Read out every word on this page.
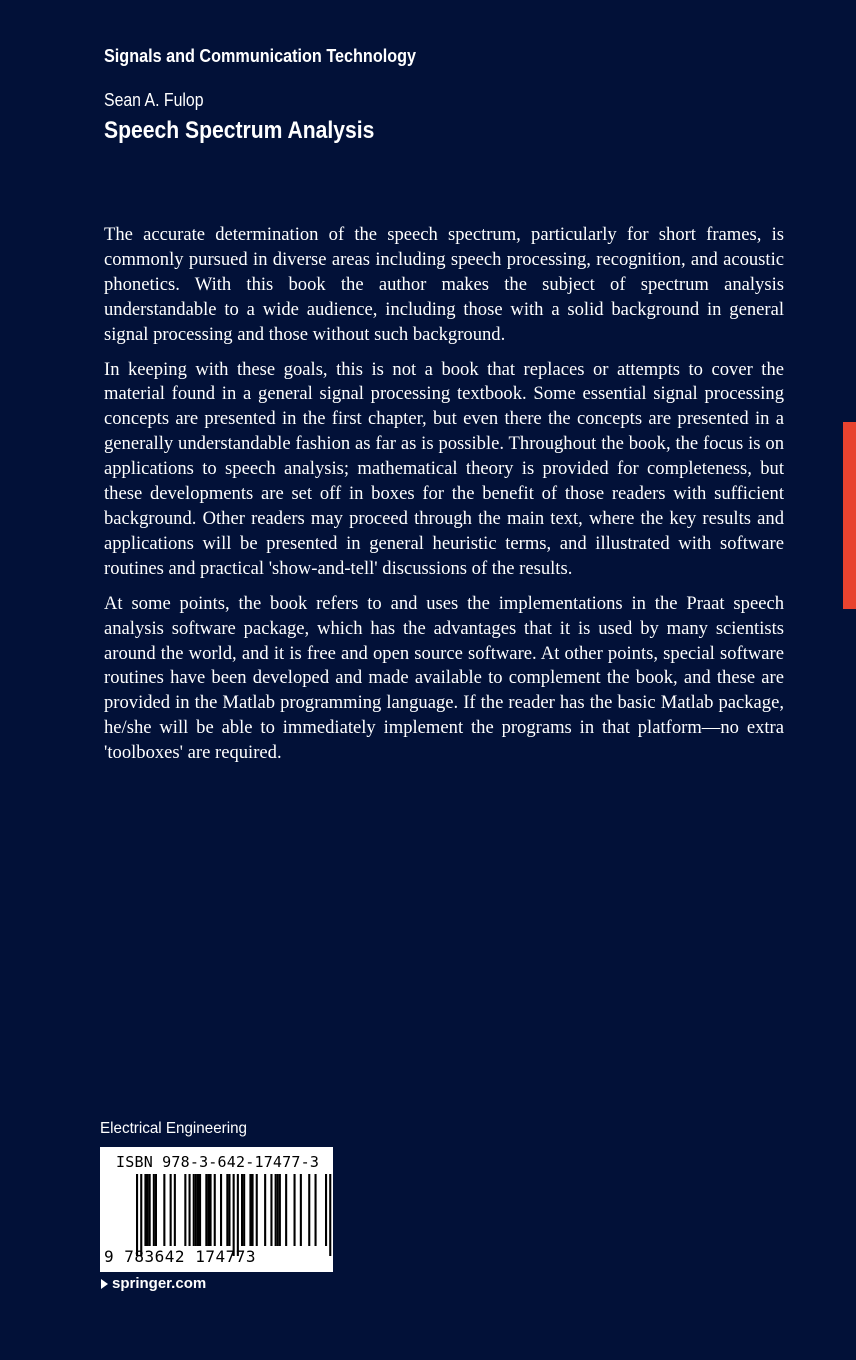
Signals and Communication Technology
Sean A. Fulop
Speech Spectrum Analysis

The accurate determination of the speech spectrum, particularly for short frames, is commonly pursued in diverse areas including speech processing, recognition, and acoustic phonetics. With this book the author makes the subject of spectrum analysis understandable to a wide audience, including those with a solid background in general signal processing and those without such background.

In keeping with these goals, this is not a book that replaces or attempts to cover the material found in a general signal processing textbook. Some essential signal processing concepts are presented in the first chapter, but even there the concepts are presented in a generally understandable fashion as far as is possible. Throughout the book, the focus is on applications to speech analysis; mathematical theory is provided for completeness, but these developments are set off in boxes for the benefit of those readers with sufficient background. Other readers may proceed through the main text, where the key results and applications will be presented in general heuristic terms, and illustrated with software routines and practical 'show-and-tell' discussions of the results.

At some points, the book refers to and uses the implementations in the Praat speech analysis software package, which has the advantages that it is used by many scientists around the world, and it is free and open source software. At other points, special software routines have been developed and made available to complement the book, and these are provided in the Matlab programming language. If the reader has the basic Matlab package, he/she will be able to immediately implement the programs in that platform—no extra 'toolboxes' are required.

Electrical Engineering
ISBN 978-3-642-17477-3
9 783642 174773
springer.com
